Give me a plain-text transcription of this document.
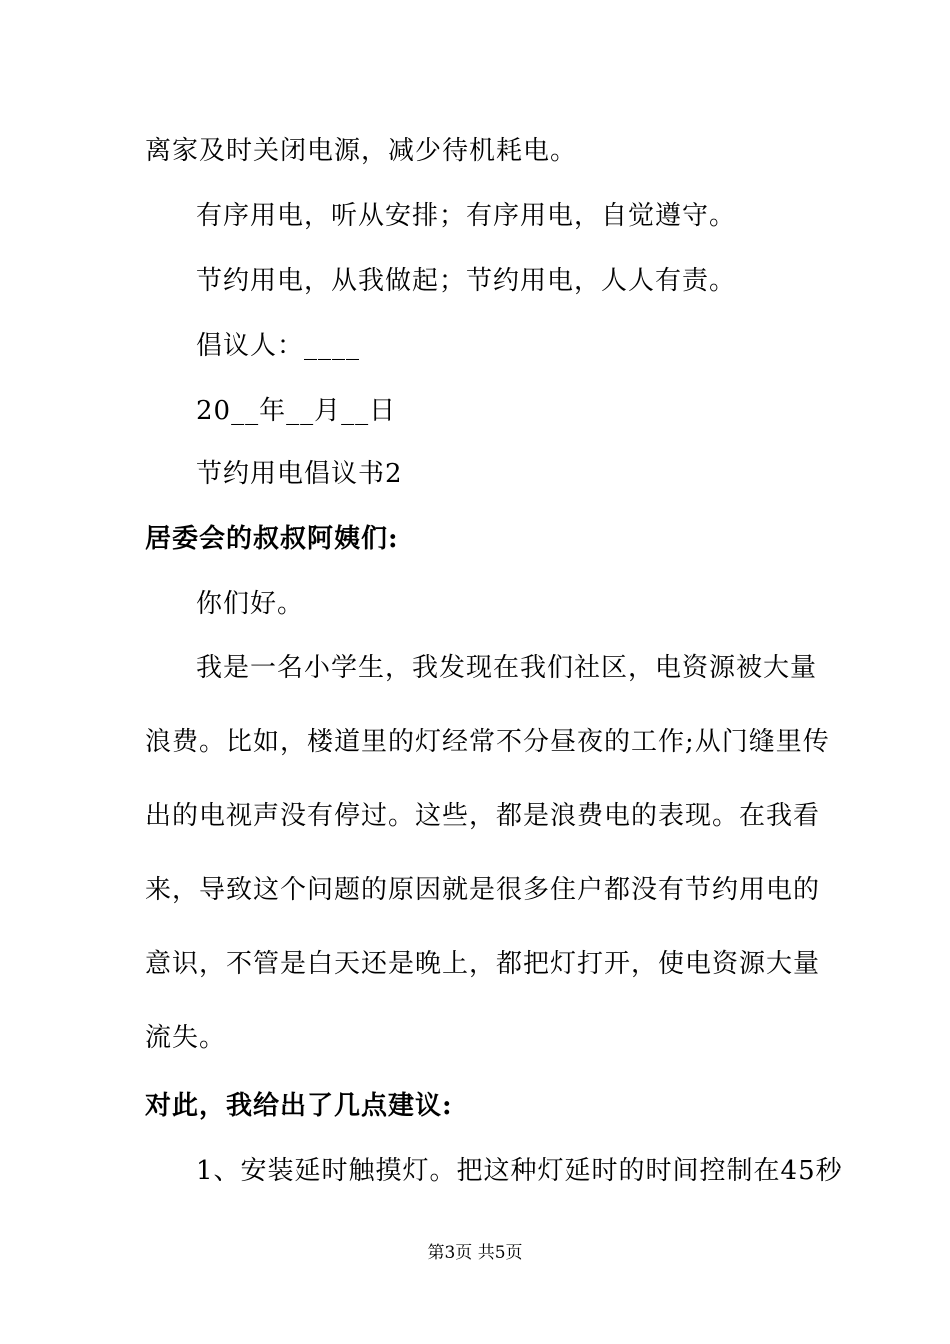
离家及时关闭电源，减少待机耗电。
有序用电，听从安排；有序用电，自觉遵守。
节约用电，从我做起；节约用电，人人有责。
倡议人：____
20__年__月__日
节约用电倡议书2
居委会的叔叔阿姨们:
你们好。
我是一名小学生，我发现在我们社区，电资源被大量
浪费。比如，楼道里的灯经常不分昼夜的工作;从门缝里传
出的电视声没有停过。这些，都是浪费电的表现。在我看
来，导致这个问题的原因就是很多住户都没有节约用电的
意识，不管是白天还是晚上，都把灯打开，使电资源大量
流失。
对此，我给出了几点建议:
1、安装延时触摸灯。把这种灯延时的时间控制在45秒
第3页 共5页
